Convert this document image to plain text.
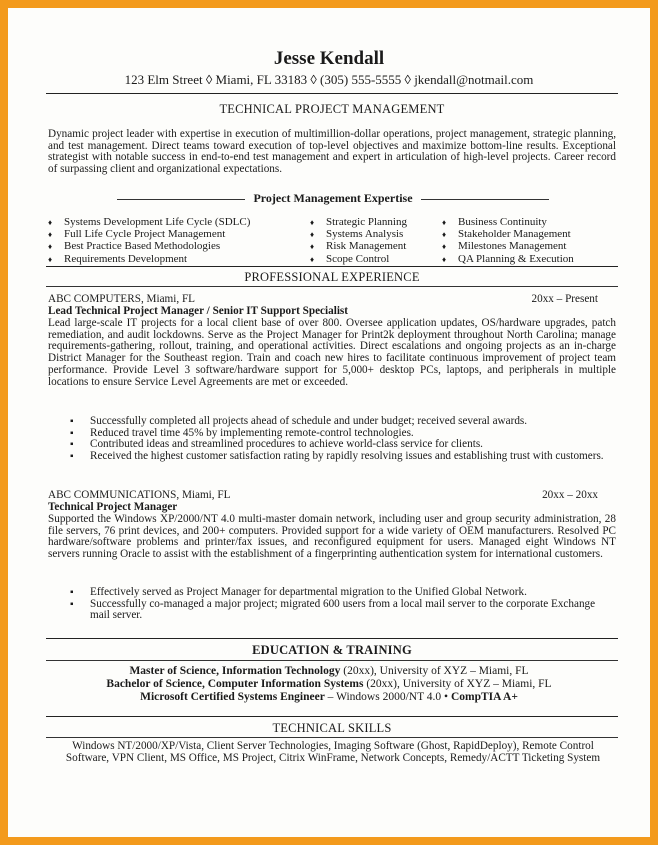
Jesse Kendall
123 Elm Street ◊ Miami, FL 33183 ◊ (305) 555-5555 ◊ jkendall@notmail.com
TECHNICAL PROJECT MANAGEMENT
Dynamic project leader with expertise in execution of multimillion-dollar operations, project management, strategic planning, and test management. Direct teams toward execution of top-level objectives and maximize bottom-line results. Exceptional strategist with notable success in end-to-end test management and expert in articulation of high-level projects. Career record of surpassing client and organizational expectations.
Project Management Expertise
♦ Systems Development Life Cycle (SDLC)
♦ Full Life Cycle Project Management
♦ Best Practice Based Methodologies
♦ Requirements Development
♦ Strategic Planning
♦ Systems Analysis
♦ Risk Management
♦ Scope Control
♦ Business Continuity
♦ Stakeholder Management
♦ Milestones Management
♦ QA Planning & Execution
PROFESSIONAL EXPERIENCE
ABC COMPUTERS, Miami, FL	20xx – Present
Lead Technical Project Manager / Senior IT Support Specialist
Lead large-scale IT projects for a local client base of over 800. Oversee application updates, OS/hardware upgrades, patch remediation, and audit lockdowns. Serve as the Project Manager for Print2k deployment throughout North Carolina; manage requirements-gathering, rollout, training, and operational activities. Direct escalations and ongoing projects as an in-charge District Manager for the Southeast region. Train and coach new hires to facilitate continuous improvement of project team performance. Provide Level 3 software/hardware support for 5,000+ desktop PCs, laptops, and peripherals in multiple locations to ensure Service Level Agreements are met or exceeded.
▪ Successfully completed all projects ahead of schedule and under budget; received several awards.
▪ Reduced travel time 45% by implementing remote-control technologies.
▪ Contributed ideas and streamlined procedures to achieve world-class service for clients.
▪ Received the highest customer satisfaction rating by rapidly resolving issues and establishing trust with customers.
ABC COMMUNICATIONS, Miami, FL	20xx – 20xx
Technical Project Manager
Supported the Windows XP/2000/NT 4.0 multi-master domain network, including user and group security administration, 28 file servers, 76 print devices, and 200+ computers. Provided support for a wide variety of OEM manufacturers. Resolved PC hardware/software problems and printer/fax issues, and reconfigured equipment for users. Managed eight Windows NT servers running Oracle to assist with the establishment of a fingerprinting authentication system for international customers.
▪ Effectively served as Project Manager for departmental migration to the Unified Global Network.
▪ Successfully co-managed a major project; migrated 600 users from a local mail server to the corporate Exchange mail server.
EDUCATION & TRAINING
Master of Science, Information Technology (20xx), University of XYZ – Miami, FL
Bachelor of Science, Computer Information Systems (20xx), University of XYZ – Miami, FL
Microsoft Certified Systems Engineer – Windows 2000/NT 4.0 • CompTIA A+
TECHNICAL SKILLS
Windows NT/2000/XP/Vista, Client Server Technologies, Imaging Software (Ghost, RapidDeploy), Remote Control Software, VPN Client, MS Office, MS Project, Citrix WinFrame, Network Concepts, Remedy/ACTT Ticketing System
